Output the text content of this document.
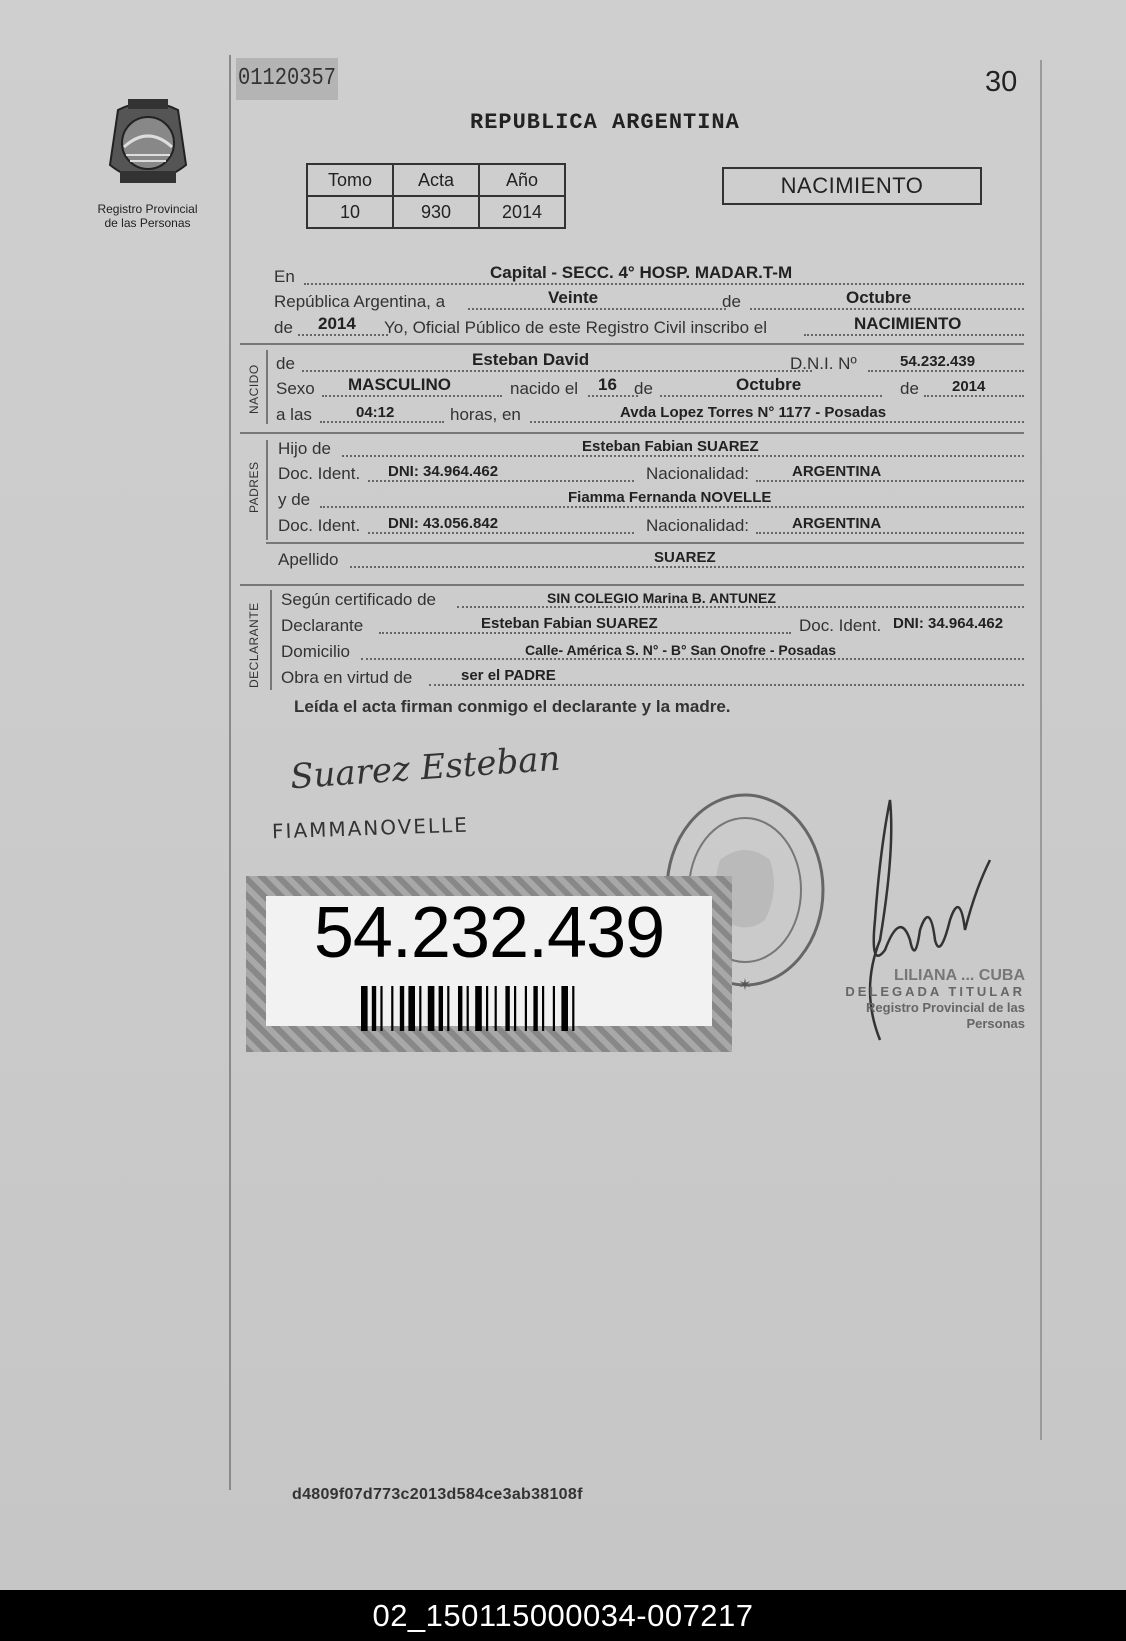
01120357	30
REPUBLICA ARGENTINA
Registro Provincial
de las Personas
Tomo	Acta	Año
10	930	2014
NACIMIENTO
En	Capital - SECC. 4° HOSP. MADAR.T-M
República Argentina, a	Veinte	de	Octubre
de 2014 Yo, Oficial Público de este Registro Civil inscribo el	NACIMIENTO
NACIDO
de	Esteban David	D.N.I. Nº	54.232.439
Sexo MASCULINO	nacido el 16 de	Octubre	de 2014
a las	04:12	horas, en	Avda Lopez Torres N° 1177 - Posadas
PADRES
Hijo de	Esteban Fabian SUAREZ
Doc. Ident. DNI: 34.964.462	Nacionalidad:	ARGENTINA
y de	Fiamma Fernanda NOVELLE
Doc. Ident. DNI: 43.056.842	Nacionalidad:	ARGENTINA
Apellido	SUAREZ
DECLARANTE
Según certificado de	SIN COLEGIO Marina B. ANTUNEZ
Declarante	Esteban Fabian SUAREZ	Doc. Ident. DNI: 34.964.462
Domicilio	Calle- América S. N° - B° San Onofre - Posadas
Obra en virtud de	ser el PADRE
Leída el acta firman conmigo el declarante y la madre.
Suarez Esteban
FIAMMANOVELLE
✶	LILIANA ... CUBA
DELEGADA TITULAR
Registro Provincial de las Personas
54.232.439
d4809f07d773c2013d584ce3ab38108f
02_150115000034-007217
